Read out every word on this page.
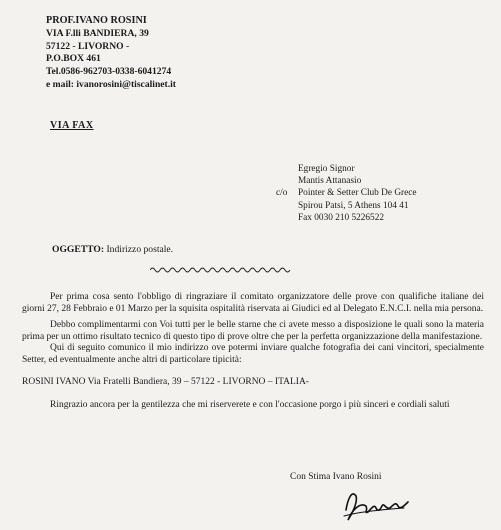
PROF.IVANO ROSINI
VIA F.lli BANDIERA, 39
57122 - LIVORNO -
P.O.BOX 461
Tel.0586-962703-0338-6041274
e mail: ivanorosini@tiscalinet.it
VIA FAX
Egregio Signor
Mantis Attanasio
c/o Pointer & Setter Club De Grece
Spirou Patsi, 5 Athens 104 41
Fax 0030 210 5226522
OGGETTO: Indirizzo postale.

Per prima cosa sento l'obbligo di ringraziare il comitato organizzatore delle prove con qualifiche italiane dei giorni 27, 28 Febbraio e 01 Marzo per la squisita ospitalità riservata ai Giudici ed al Delegato E.N.C.I. nella mia persona.

Debbo complimentarmi con Voi tutti per le belle starne che ci avete messo a disposizione le quali sono la materia prima per un ottimo risultato tecnico di questo tipo di prove oltre che per la perfetta organizzazione della manifestazione.

Qui di seguito comunico il mio indirizzo ove potermi inviare qualche fotografia dei cani vincitori, specialmente Setter, ed eventualmente anche altri di particolare tipicità:

ROSINI IVANO Via Fratelli Bandiera, 39 – 57122 - LIVORNO – ITALIA-

Ringrazio ancora per la gentilezza che mi riserverete e con l'occasione porgo i più sinceri e cordiali saluti

Con Stima Ivano Rosini
